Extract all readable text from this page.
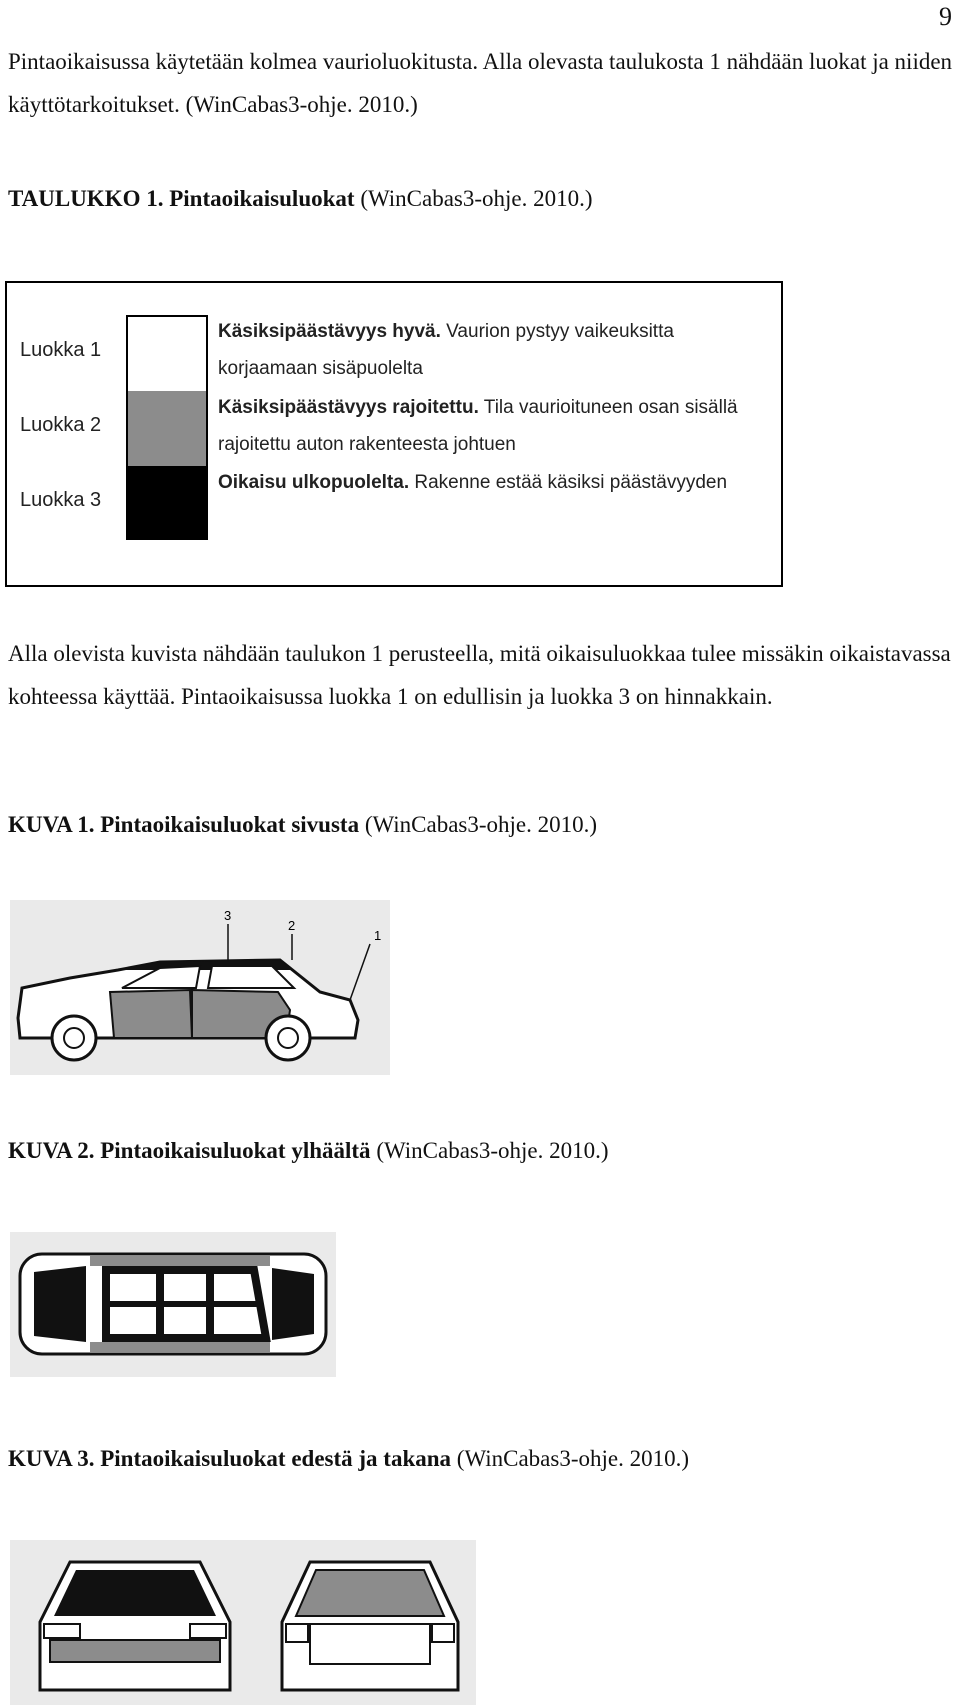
9

Pintaoikaisussa käytetään kolmea vaurioluokitusta. Alla olevasta taulukosta 1 nähdään luokat ja niiden käyttötarkoitukset. (WinCabas3-ohje. 2010.)

TAULUKKO 1. Pintaoikaisuluokat (WinCabas3-ohje. 2010.)

Luokka 1
Luokka 2
Luokka 3
Käsiksipäästävyys hyvä. Vaurion pystyy vaikeuksitta korjaamaan sisäpuolelta
Käsiksipäästävyys rajoitettu. Tila vaurioituneen osan sisällä rajoitettu auton rakenteesta johtuen
Oikaisu ulkopuolelta. Rakenne estää käsiksi päästävyyden

Alla olevista kuvista nähdään taulukon 1 perusteella, mitä oikaisuluokkaa tulee missäkin oikaistavassa kohteessa käyttää. Pintaoikaisussa luokka 1 on edullisin ja luokka 3 on hinnakkain.

KUVA 1. Pintaoikaisuluokat sivusta (WinCabas3-ohje. 2010.)

3
2
1

KUVA 2. Pintaoikaisuluokat ylhäältä (WinCabas3-ohje. 2010.)

KUVA 3. Pintaoikaisuluokat edestä ja takana (WinCabas3-ohje. 2010.)
